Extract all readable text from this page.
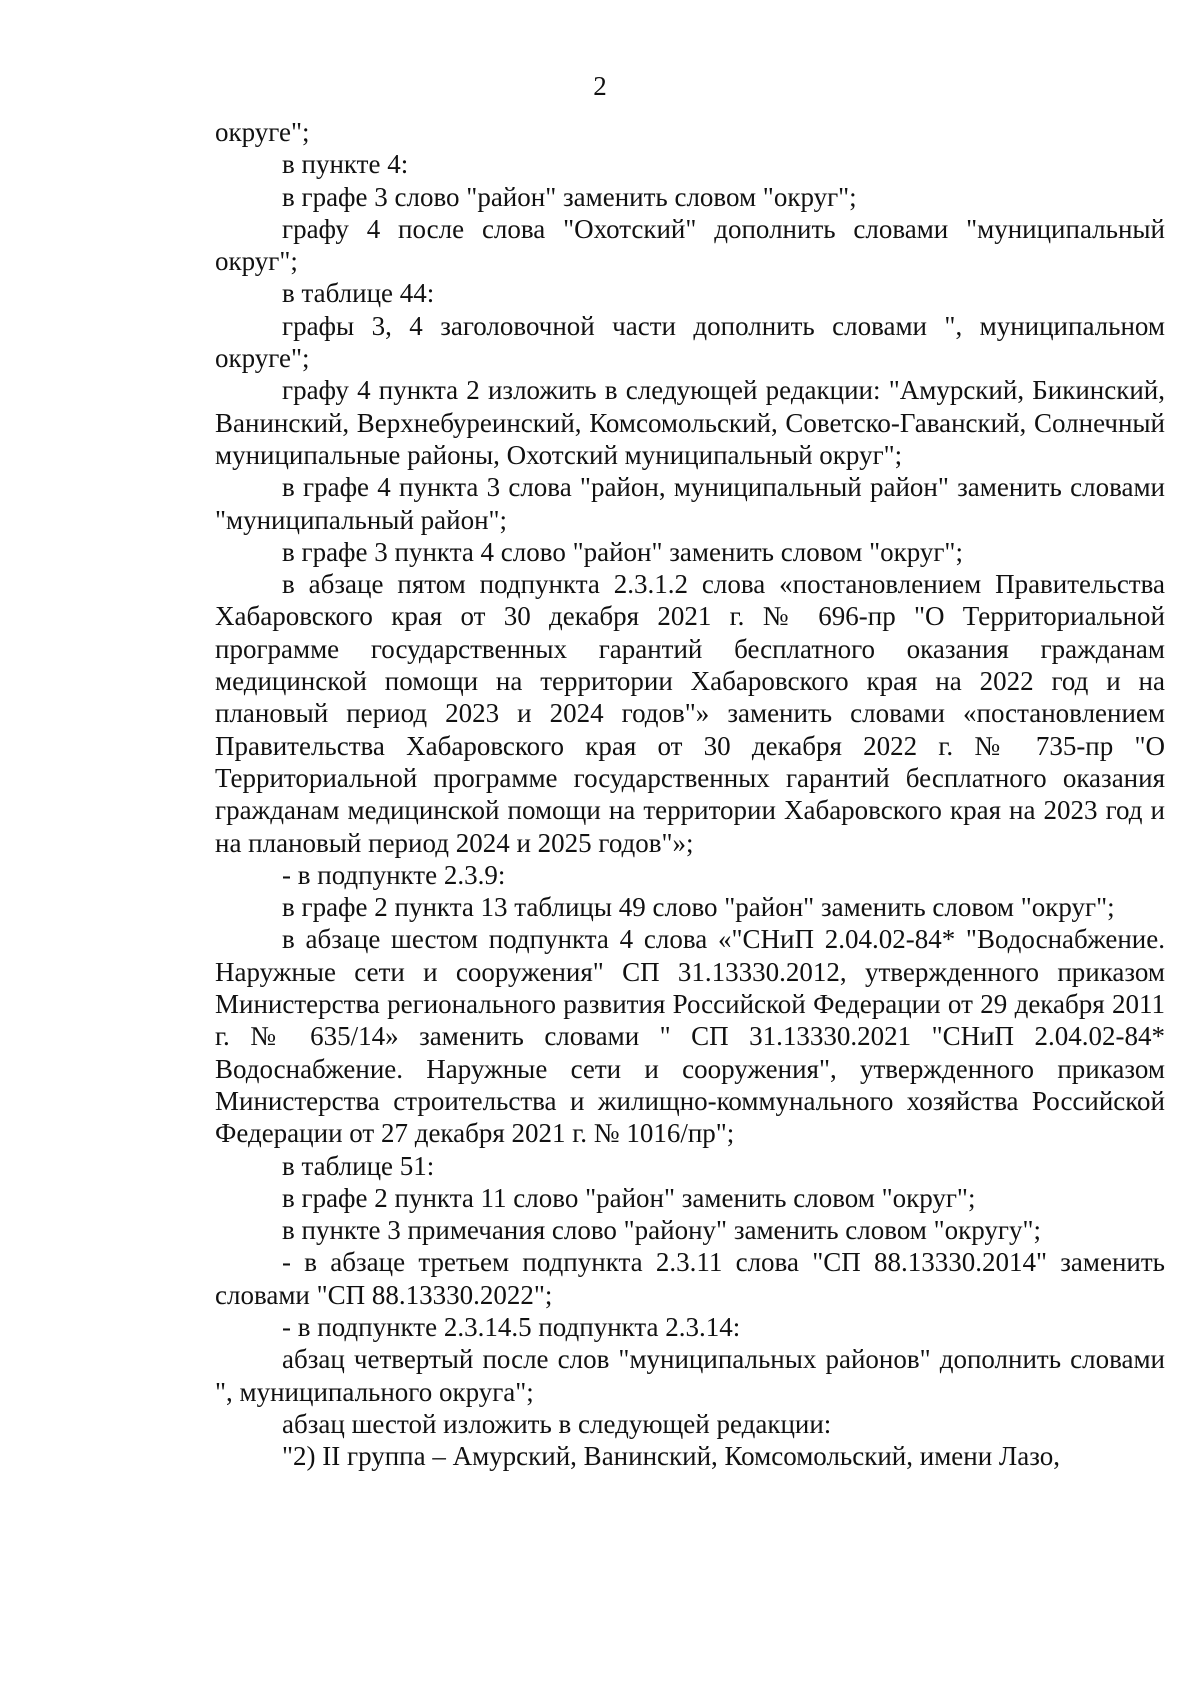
2

округе";

в пункте 4:

в графе 3 слово "район" заменить словом "округ";

графу 4 после слова "Охотский" дополнить словами "муниципальный округ";

в таблице 44:

графы 3, 4 заголовочной части дополнить словами ", муниципальном округе";

графу 4 пункта 2 изложить в следующей редакции: "Амурский, Бикинский, Ванинский, Верхнебуреинский, Комсомольский, Советско-Гаванский, Солнечный муниципальные районы, Охотский муниципальный округ";

в графе 4 пункта 3 слова "район, муниципальный район" заменить словами "муниципальный район";

в графе 3 пункта 4 слово "район" заменить словом "округ";

в абзаце пятом подпункта 2.3.1.2 слова «постановлением Правительства Хабаровского края от 30 декабря 2021 г. № 696-пр "О Территориальной программе государственных гарантий бесплатного оказания гражданам медицинской помощи на территории Хабаровского края на 2022 год и на плановый период 2023 и 2024 годов"» заменить словами «постановлением Правительства Хабаровского края от 30 декабря 2022 г. № 735-пр "О Территориальной программе государственных гарантий бесплатного оказания гражданам медицинской помощи на территории Хабаровского края на 2023 год и на плановый период 2024 и 2025 годов"»;

- в подпункте 2.3.9:

в графе 2 пункта 13 таблицы 49 слово "район" заменить словом "округ";

в абзаце шестом подпункта 4 слова «"СНиП 2.04.02-84* "Водоснабжение. Наружные сети и сооружения" СП 31.13330.2012, утвержденного приказом Министерства регионального развития Российской Федерации от 29 декабря 2011 г. № 635/14» заменить словами " СП 31.13330.2021 "СНиП 2.04.02-84* Водоснабжение. Наружные сети и сооружения", утвержденного приказом Министерства строительства и жилищно-коммунального хозяйства Российской Федерации от 27 декабря 2021 г. № 1016/пр";

в таблице 51:

в графе 2 пункта 11 слово "район" заменить словом "округ";

в пункте 3 примечания слово "району" заменить словом "округу";

- в абзаце третьем подпункта 2.3.11 слова "СП 88.13330.2014" заменить словами "СП 88.13330.2022";

- в подпункте 2.3.14.5 подпункта 2.3.14:

абзац четвертый после слов "муниципальных районов" дополнить словами ", муниципального округа";

абзац шестой изложить в следующей редакции:

"2) II группа – Амурский, Ванинский, Комсомольский, имени Лазо,
